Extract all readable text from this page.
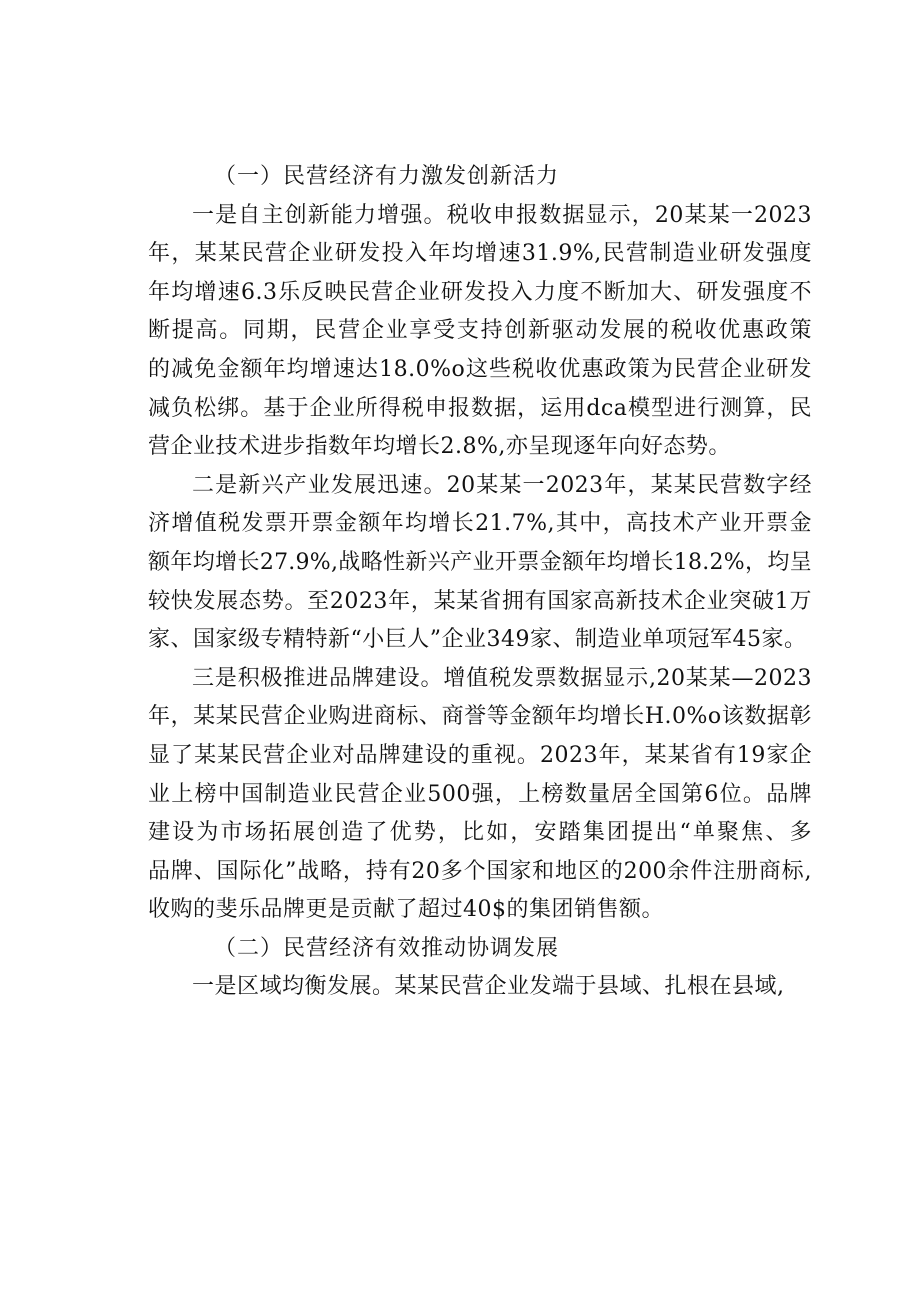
（一）民营经济有力激发创新活力

一是自主创新能力增强。税收申报数据显示，20某某一2023
年，某某民营企业研发投入年均增速31.9%,民营制造业研发强度
年均增速6.3乐反映民营企业研发投入力度不断加大、研发强度不
断提高。同期，民营企业享受支持创新驱动发展的税收优惠政策
的减免金额年均增速达18.0%o这些税收优惠政策为民营企业研发
减负松绑。基于企业所得税申报数据，运用dca模型进行测算，民
营企业技术进步指数年均增长2.8%,亦呈现逐年向好态势。

二是新兴产业发展迅速。20某某一2023年，某某民营数字经
济增值税发票开票金额年均增长21.7%,其中，高技术产业开票金
额年均增长27.9%,战略性新兴产业开票金额年均增长18.2%，均呈
较快发展态势。至2023年，某某省拥有国家高新技术企业突破1万
家、国家级专精特新“小巨人”企业349家、制造业单项冠军45家。

三是积极推进品牌建设。增值税发票数据显示,20某某—2023
年，某某民营企业购进商标、商誉等金额年均增长H.0%o该数据彰
显了某某民营企业对品牌建设的重视。2023年，某某省有19家企
业上榜中国制造业民营企业500强，上榜数量居全国第6位。品牌
建设为市场拓展创造了优势，比如，安踏集团提出“单聚焦、多
品牌、国际化”战略，持有20多个国家和地区的200余件注册商标,
收购的斐乐品牌更是贡献了超过40$的集团销售额。

（二）民营经济有效推动协调发展

一是区域均衡发展。某某民营企业发端于县域、扎根在县域,
